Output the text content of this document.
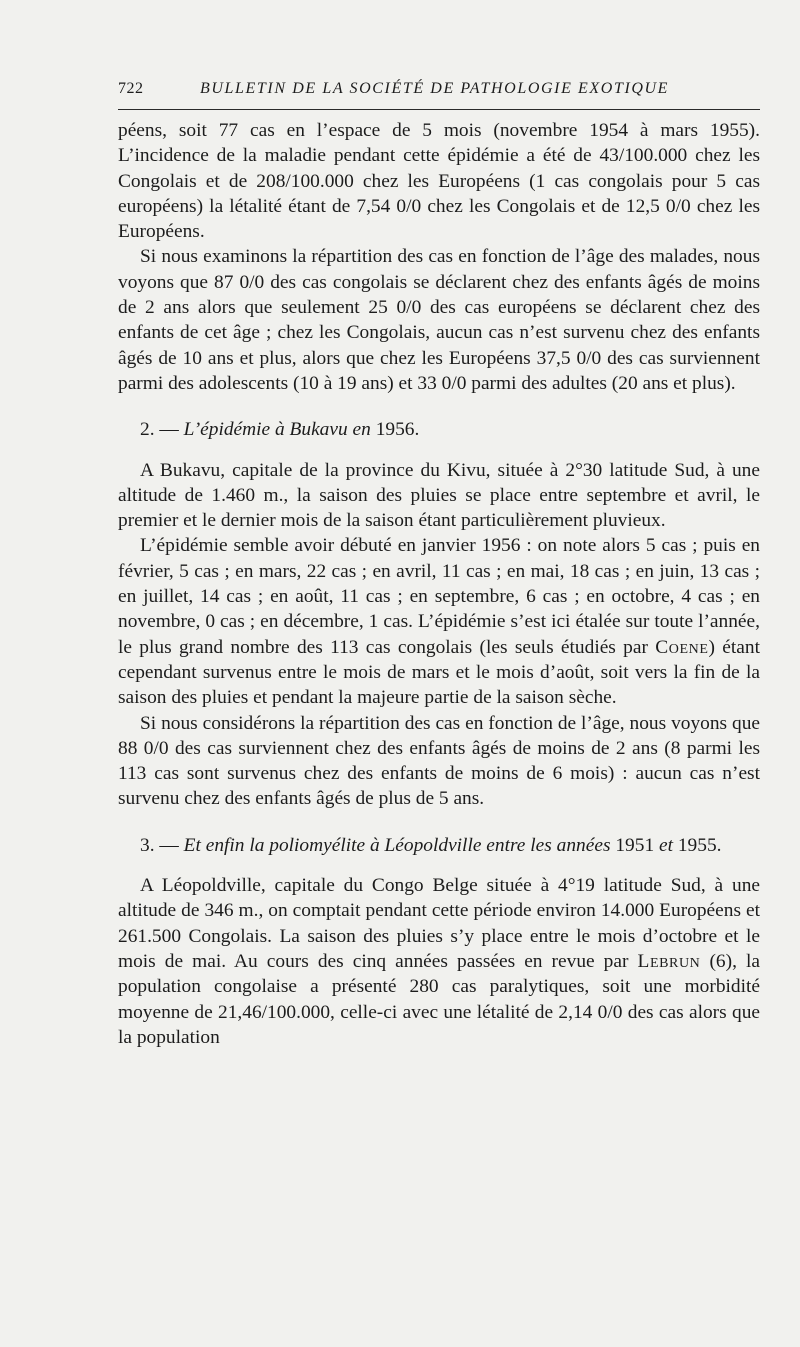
722	BULLETIN DE LA SOCIÉTÉ DE PATHOLOGIE EXOTIQUE

péens, soit 77 cas en l’espace de 5 mois (novembre 1954 à mars 1955). L’incidence de la maladie pendant cette épidémie a été de 43/100.000 chez les Congolais et de 208/100.000 chez les Européens (1 cas congolais pour 5 cas européens) la létalité étant de 7,54 0/0 chez les Congolais et de 12,5 0/0 chez les Européens.

Si nous examinons la répartition des cas en fonction de l’âge des malades, nous voyons que 87 0/0 des cas congolais se déclarent chez des enfants âgés de moins de 2 ans alors que seulement 25 0/0 des cas européens se déclarent chez des enfants de cet âge ; chez les Congolais, aucun cas n’est survenu chez des enfants âgés de 10 ans et plus, alors que chez les Européens 37,5 0/0 des cas surviennent parmi des adolescents (10 à 19 ans) et 33 0/0 parmi des adultes (20 ans et plus).

2. — L’épidémie à Bukavu en 1956.

A Bukavu, capitale de la province du Kivu, située à 2°30 latitude Sud, à une altitude de 1.460 m., la saison des pluies se place entre septembre et avril, le premier et le dernier mois de la saison étant particulièrement pluvieux.

L’épidémie semble avoir débuté en janvier 1956 : on note alors 5 cas ; puis en février, 5 cas ; en mars, 22 cas ; en avril, 11 cas ; en mai, 18 cas ; en juin, 13 cas ; en juillet, 14 cas ; en août, 11 cas ; en septembre, 6 cas ; en octobre, 4 cas ; en novembre, 0 cas ; en décembre, 1 cas. L’épidémie s’est ici étalée sur toute l’année, le plus grand nombre des 113 cas congolais (les seuls étudiés par Coene) étant cependant survenus entre le mois de mars et le mois d’août, soit vers la fin de la saison des pluies et pendant la majeure partie de la saison sèche.

Si nous considérons la répartition des cas en fonction de l’âge, nous voyons que 88 0/0 des cas surviennent chez des enfants âgés de moins de 2 ans (8 parmi les 113 cas sont survenus chez des enfants de moins de 6 mois) : aucun cas n’est survenu chez des enfants âgés de plus de 5 ans.

3. — Et enfin la poliomyélite à Léopoldville entre les années 1951 et 1955.

A Léopoldville, capitale du Congo Belge située à 4°19 latitude Sud, à une altitude de 346 m., on comptait pendant cette période environ 14.000 Européens et 261.500 Congolais. La saison des pluies s’y place entre le mois d’octobre et le mois de mai. Au cours des cinq années passées en revue par Lebrun (6), la population congolaise a présenté 280 cas paralytiques, soit une morbidité moyenne de 21,46/100.000, celle-ci avec une létalité de 2,14 0/0 des cas alors que la population
